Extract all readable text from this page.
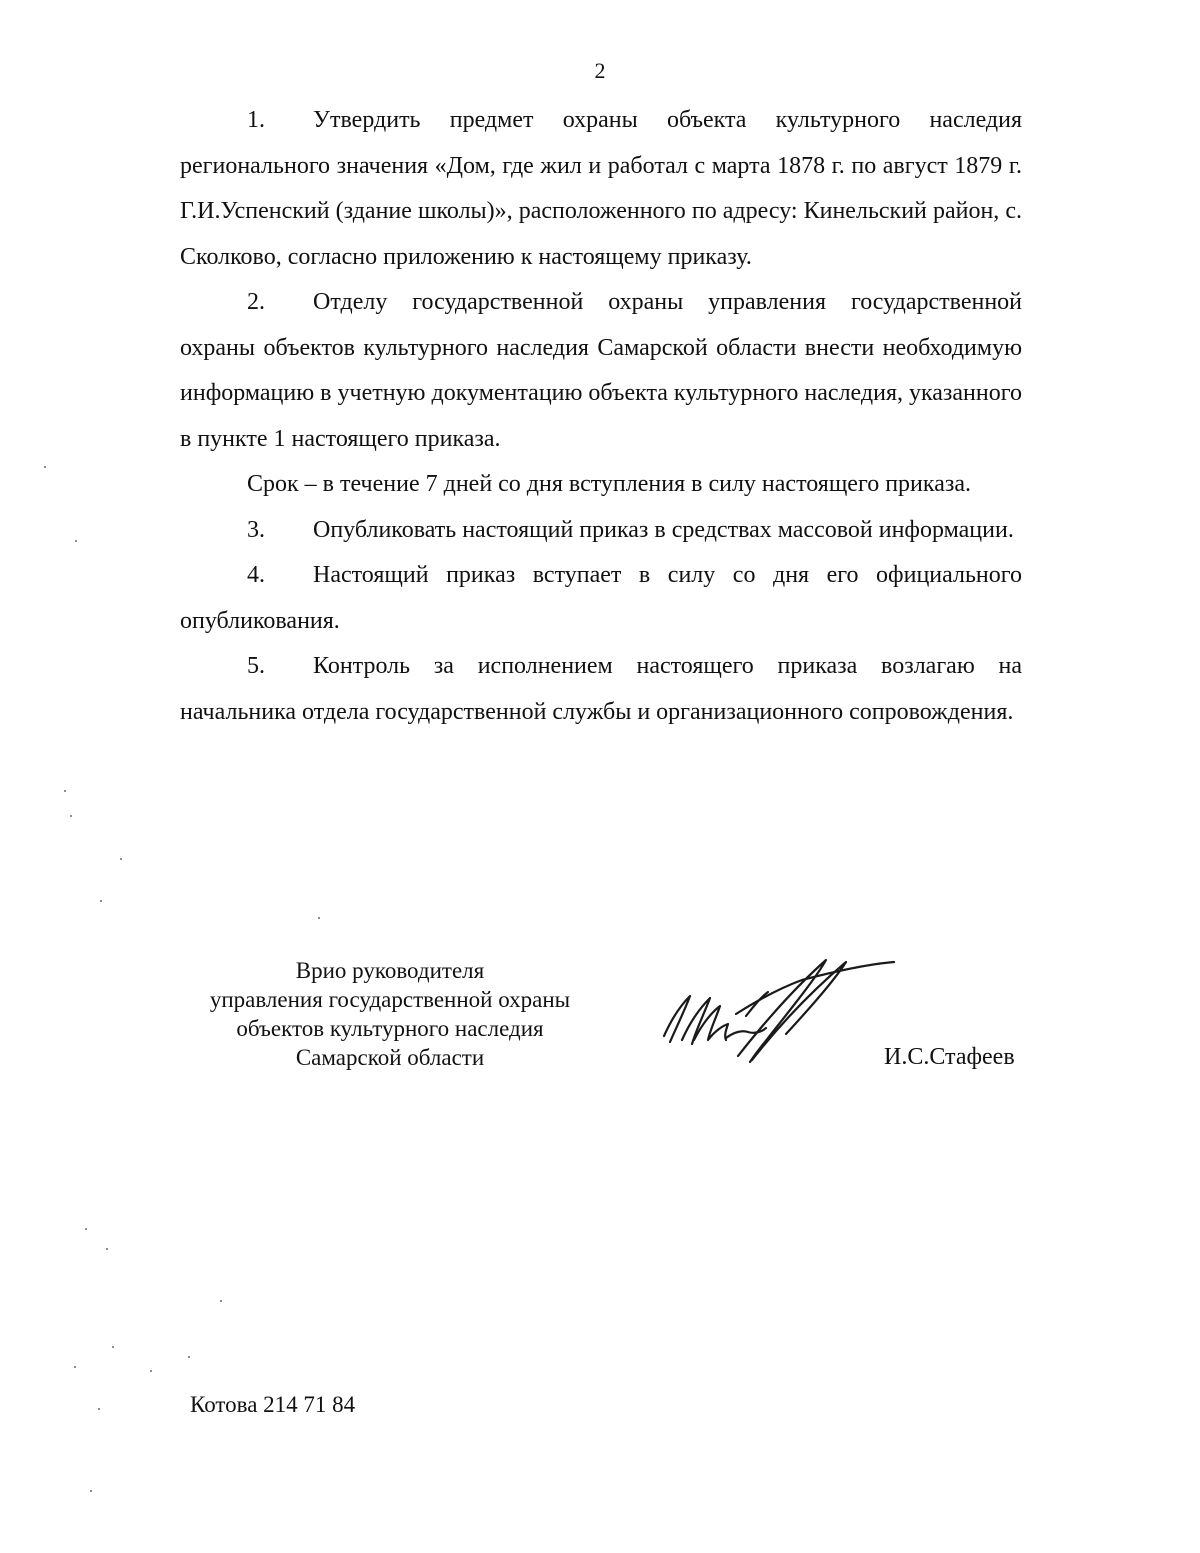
2

1. Утвердить предмет охраны объекта культурного наследия регионального значения «Дом, где жил и работал с марта 1878 г. по август 1879 г. Г.И.Успенский (здание школы)», расположенного по адресу: Кинельский район, с. Сколково, согласно приложению к настоящему приказу.

2. Отделу государственной охраны управления государственной охраны объектов культурного наследия Самарской области внести необходимую информацию в учетную документацию объекта культурного наследия, указанного в пункте 1 настоящего приказа.

Срок – в течение 7 дней со дня вступления в силу настоящего приказа.

3. Опубликовать настоящий приказ в средствах массовой информации.

4. Настоящий приказ вступает в силу со дня его официального опубликования.

5. Контроль за исполнением настоящего приказа возлагаю на начальника отдела государственной службы и организационного сопровождения.

Врио руководителя
управления государственной охраны
объектов культурного наследия
Самарской области	И.С.Стафеев
Котова 214 71 84
